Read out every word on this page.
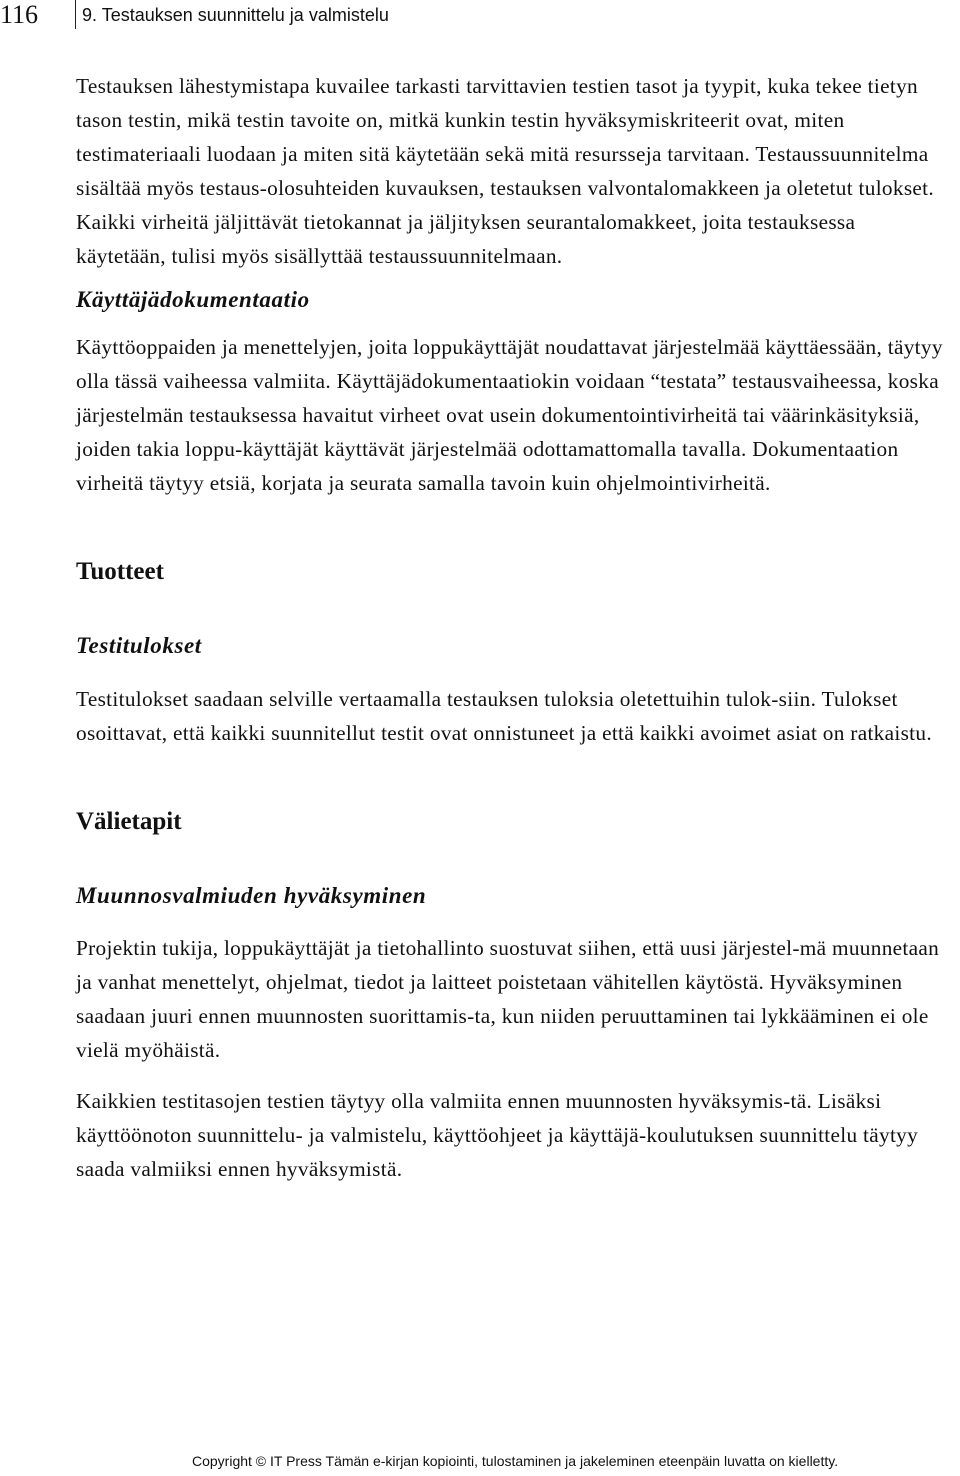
116 9. Testauksen suunnittelu ja valmistelu

Testauksen lähestymistapa kuvailee tarkasti tarvittavien testien tasot ja tyypit, kuka tekee tietyn tason testin, mikä testin tavoite on, mitkä kunkin testin hyväksymiskriteerit ovat, miten testimateriaali luodaan ja miten sitä käytetään sekä mitä resursseja tarvitaan. Testaussuunnitelma sisältää myös testaus-olosuhteiden kuvauksen, testauksen valvontalomakkeen ja oletetut tulokset. Kaikki virheitä jäljittävät tietokannat ja jäljityksen seurantalomakkeet, joita testauksessa käytetään, tulisi myös sisällyttää testaussuunnitelmaan.

Käyttäjädokumentaatio

Käyttöoppaiden ja menettelyjen, joita loppukäyttäjät noudattavat järjestelmää käyttäessään, täytyy olla tässä vaiheessa valmiita. Käyttäjädokumentaatiokin voidaan “testata” testausvaiheessa, koska järjestelmän testauksessa havaitut virheet ovat usein dokumentointivirheitä tai väärinkäsityksiä, joiden takia loppu-käyttäjät käyttävät järjestelmää odottamattomalla tavalla. Dokumentaation virheitä täytyy etsiä, korjata ja seurata samalla tavoin kuin ohjelmointivirheitä.

Tuotteet
Testitulokset

Testitulokset saadaan selville vertaamalla testauksen tuloksia oletettuihin tulok-siin. Tulokset osoittavat, että kaikki suunnitellut testit ovat onnistuneet ja että kaikki avoimet asiat on ratkaistu.

Välietapit
Muunnosvalmiuden hyväksyminen

Projektin tukija, loppukäyttäjät ja tietohallinto suostuvat siihen, että uusi järjestel-mä muunnetaan ja vanhat menettelyt, ohjelmat, tiedot ja laitteet poistetaan vähitellen käytöstä. Hyväksyminen saadaan juuri ennen muunnosten suorittamis-ta, kun niiden peruuttaminen tai lykkääminen ei ole vielä myöhäistä.

Kaikkien testitasojen testien täytyy olla valmiita ennen muunnosten hyväksymis-tä. Lisäksi käyttöönoton suunnittelu- ja valmistelu, käyttöohjeet ja käyttäjä-koulutuksen suunnittelu täytyy saada valmiiksi ennen hyväksymistä.

Copyright © IT Press Tämän e-kirjan kopiointi, tulostaminen ja jakeleminen eteenpäin luvatta on kielletty.
